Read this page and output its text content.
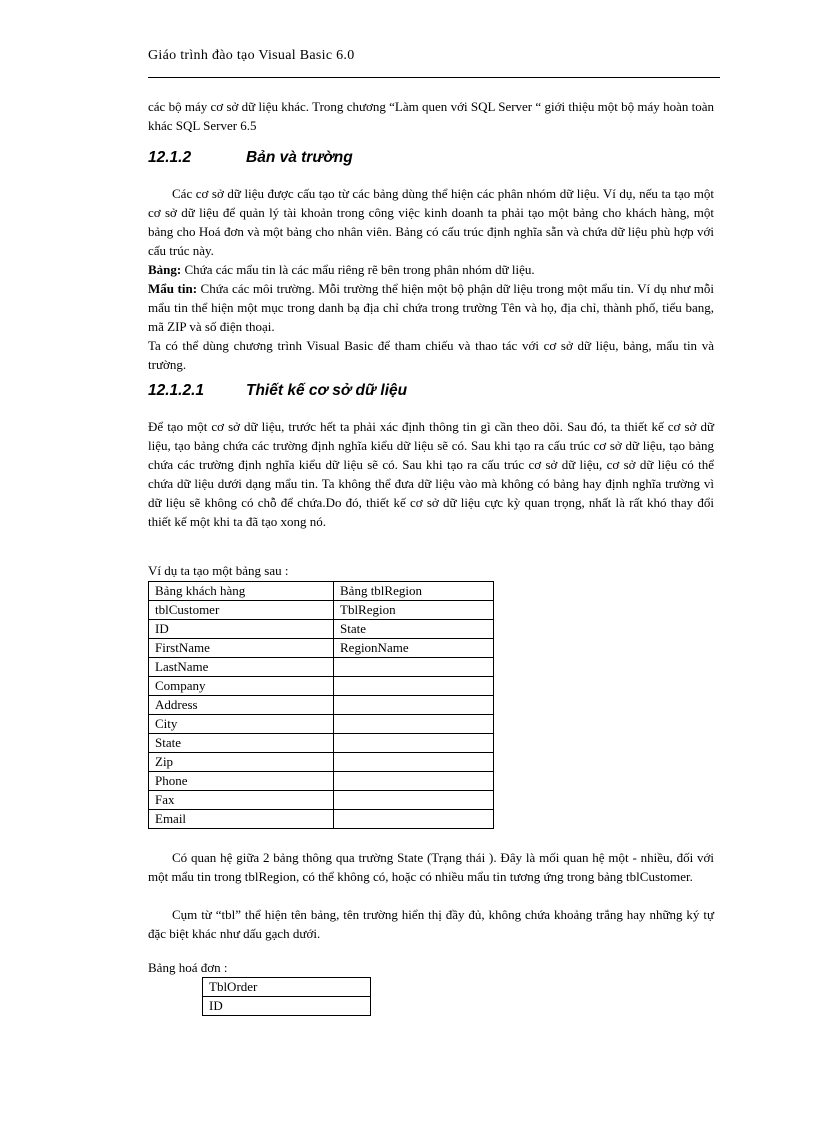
Giáo trình đào tạo Visual Basic 6.0

các bộ máy cơ sở dữ liệu khác. Trong chương “Làm quen với SQL Server “ giới thiệu một bộ máy hoàn toàn khác SQL Server 6.5

12.1.2	Bản và trường

Các cơ sở dữ liệu được cấu tạo từ các bảng dùng thể hiện các phân nhóm dữ liệu. Ví dụ, nếu ta tạo một cơ sở dữ liệu để quản lý tài khoản trong công việc kinh doanh ta phải tạo một bảng cho khách hàng, một bảng cho Hoá đơn và một bảng cho nhân viên. Bảng có cấu trúc định nghĩa sẵn và chứa dữ liệu phù hợp với cấu trúc này.

Bảng: Chứa các mẩu tin là các mẩu riêng rẽ bên trong phân nhóm dữ liệu.

Mẩu tin: Chứa các môi trường. Mỗi trường thể hiện một bộ phận dữ liệu trong một mẩu tin. Ví dụ như mỗi mẩu tin thể hiện một mục trong danh bạ địa chỉ chứa trong trường Tên và họ, địa chỉ, thành phố, tiểu bang, mã ZIP và số điện thoại.

Ta có thể dùng chương trình Visual Basic để tham chiếu và thao tác với cơ sở dữ liệu, bảng, mẩu tin và trường.

12.1.2.1	Thiết kế cơ sở dữ liệu

Để tạo một cơ sở dữ liệu, trước hết ta phải xác định thông tin gì cần theo dõi. Sau đó, ta thiết kế cơ sở dữ liệu, tạo bảng chứa các trường định nghĩa kiểu dữ liệu sẽ có. Sau khi tạo ra cấu trúc cơ sở dữ liệu, tạo bảng chứa các trường định nghĩa kiểu dữ liệu sẽ có. Sau khi tạo ra cấu trúc cơ sở dữ liệu, cơ sở dữ liệu có thể chứa dữ liệu dưới dạng mẩu tin. Ta không thể đưa dữ liệu vào mà không có bảng hay định nghĩa trường vì dữ liệu sẽ không có chỗ để chứa.Do đó, thiết kế cơ sở dữ liệu cực kỳ quan trọng, nhất là rất khó thay đổi thiết kế một khi ta đã tạo xong nó.

Ví dụ ta tạo một bảng sau :
Bảng khách hàng	Bảng tblRegion
tblCustomer	TblRegion
ID	State
FirstName	RegionName
LastName	
Company	
Address	
City	
State	
Zip	
Phone	
Fax	
Email	

Có quan hệ giữa 2 bảng thông qua trường State (Trạng thái ). Đây là mối quan hệ một - nhiều, đối với một mẩu tin trong tblRegion, có thể không có, hoặc có nhiều mẩu tin tương ứng trong bảng tblCustomer.

Cụm từ “tbl” thể hiện tên bảng, tên trường hiển thị đầy đủ, không chứa khoảng trắng hay những ký tự đặc biệt khác như dấu gạch dưới.

Bảng hoá đơn :
TblOrder
ID
